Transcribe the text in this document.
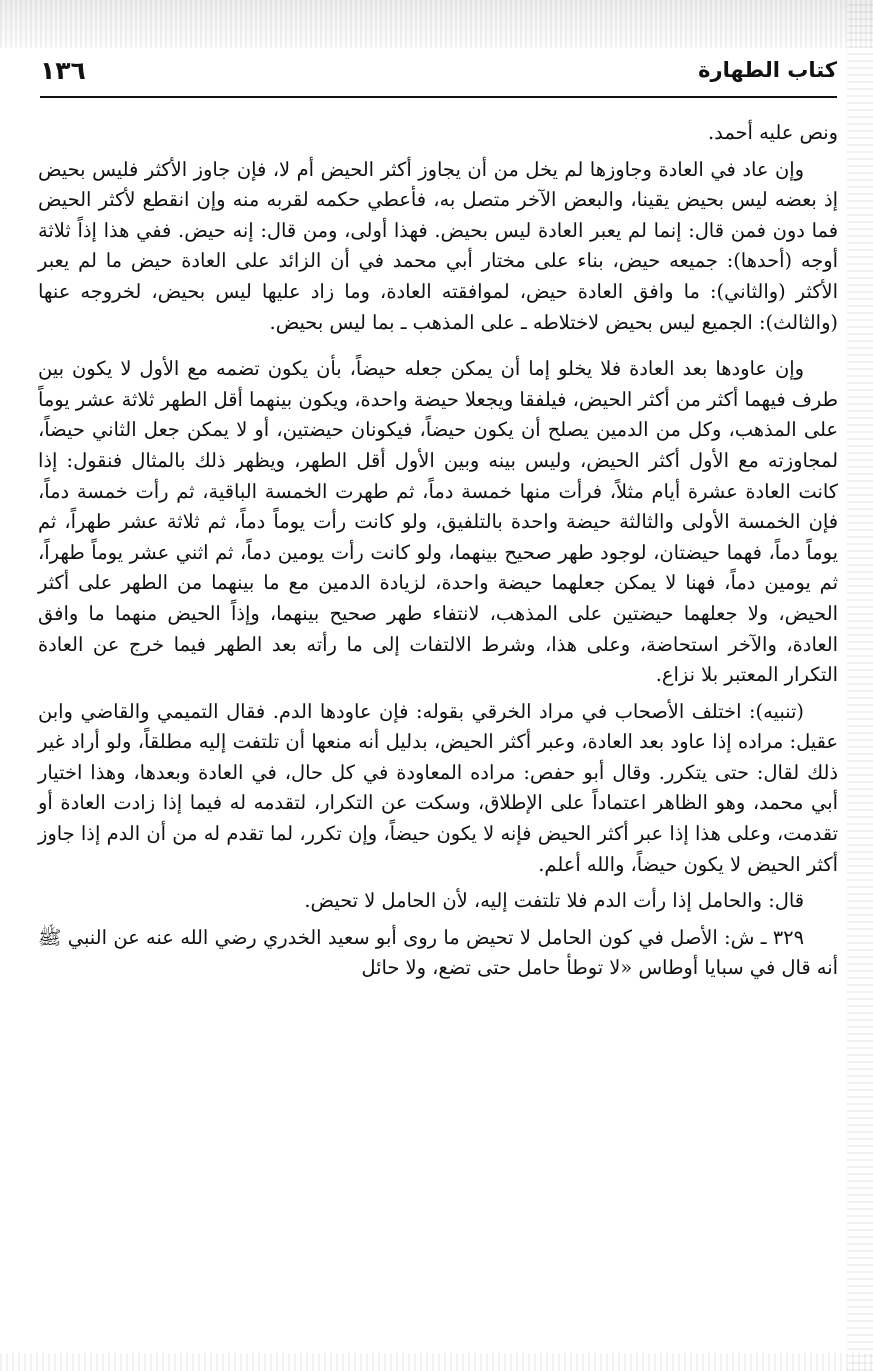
١٣٦	كتاب الطهارة

ونص عليه أحمد.

وإن عاد في العادة وجاوزها لم يخل من أن يجاوز أكثر الحيض أم لا، فإن جاوز الأكثر فليس بحيض إذ بعضه ليس بحيض يقينا، والبعض الآخر متصل به، فأعطي حكمه لقربه منه وإن انقطع لأكثر الحيض فما دون فمن قال: إنما لم يعبر العادة ليس بحيض. فهذا أولى، ومن قال: إنه حيض. ففي هذا إذاً ثلاثة أوجه (أحدها): جميعه حيض، بناء على مختار أبي محمد في أن الزائد على العادة حيض ما لم يعبر الأكثر (والثاني): ما وافق العادة حيض، لموافقته العادة، وما زاد عليها ليس بحيض، لخروجه عنها (والثالث): الجميع ليس بحيض لاختلاطه ـ على المذهب ـ بما ليس بحيض.

وإن عاودها بعد العادة فلا يخلو إما أن يمكن جعله حيضاً، بأن يكون تضمه مع الأول لا يكون بين طرف فيهما أكثر من أكثر الحيض، فيلفقا ويجعلا حيضة واحدة، ويكون بينهما أقل الطهر ثلاثة عشر يوماً على المذهب، وكل من الدمين يصلح أن يكون حيضاً، فيكونان حيضتين، أو لا يمكن جعل الثاني حيضاً، لمجاوزته مع الأول أكثر الحيض، وليس بينه وبين الأول أقل الطهر، ويظهر ذلك بالمثال فنقول: إذا كانت العادة عشرة أيام مثلاً، فرأت منها خمسة دماً، ثم طهرت الخمسة الباقية، ثم رأت خمسة دماً، فإن الخمسة الأولى والثالثة حيضة واحدة بالتلفيق، ولو كانت رأت يوماً دماً، ثم ثلاثة عشر طهراً، ثم يوماً دماً، فهما حيضتان، لوجود طهر صحيح بينهما، ولو كانت رأت يومين دماً، ثم اثني عشر يوماً طهراً، ثم يومين دماً، فهنا لا يمكن جعلهما حيضة واحدة، لزيادة الدمين مع ما بينهما من الطهر على أكثر الحيض، ولا جعلهما حيضتين على المذهب، لانتفاء طهر صحيح بينهما، وإذاً الحيض منهما ما وافق العادة، والآخر استحاضة، وعلى هذا، وشرط الالتفات إلى ما رأته بعد الطهر فيما خرج عن العادة التكرار المعتبر بلا نزاع.

(تنبيه): اختلف الأصحاب في مراد الخرقي بقوله: فإن عاودها الدم. فقال التميمي والقاضي وابن عقيل: مراده إذا عاود بعد العادة، وعبر أكثر الحيض، بدليل أنه منعها أن تلتفت إليه مطلقاً، ولو أراد غير ذلك لقال: حتى يتكرر. وقال أبو حفص: مراده المعاودة في كل حال، في العادة وبعدها، وهذا اختيار أبي محمد، وهو الظاهر اعتماداً على الإطلاق، وسكت عن التكرار، لتقدمه له فيما إذا زادت العادة أو تقدمت، وعلى هذا إذا عبر أكثر الحيض فإنه لا يكون حيضاً، وإن تكرر، لما تقدم له من أن الدم إذا جاوز أكثر الحيض لا يكون حيضاً، والله أعلم.

قال: والحامل إذا رأت الدم فلا تلتفت إليه، لأن الحامل لا تحيض.

٣٢٩ ـ ش: الأصل في كون الحامل لا تحيض ما روى أبو سعيد الخدري رضي الله عنه عن النبي ﷺ أنه قال في سبايا أوطاس «لا توطأ حامل حتى تضع، ولا حائل
